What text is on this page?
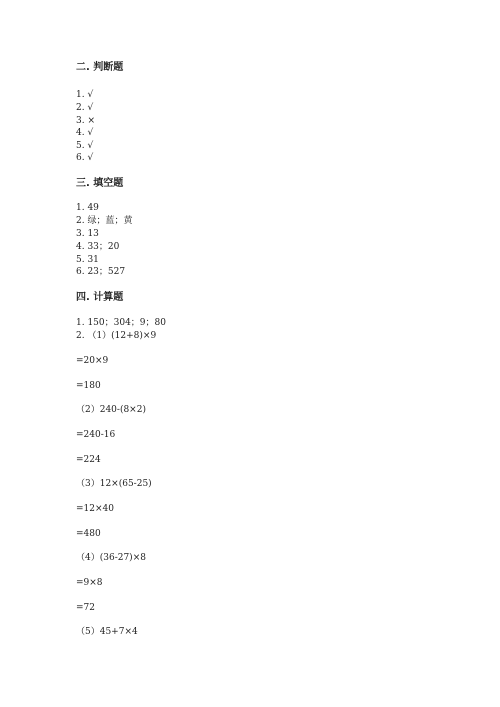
二. 判断题
1. √
2. √
3. ×
4. √
5. √
6. √
三. 填空题
1. 49
2. 绿；蓝；黄
3. 13
4. 33；20
5. 31
6. 23；527
四. 计算题
1. 150；304；9；80
2. （1）(12+8)×9
=20×9
=180
（2）240-(8×2)
=240-16
=224
（3）12×(65-25)
=12×40
=480
（4）(36-27)×8
=9×8
=72
（5）45+7×4
